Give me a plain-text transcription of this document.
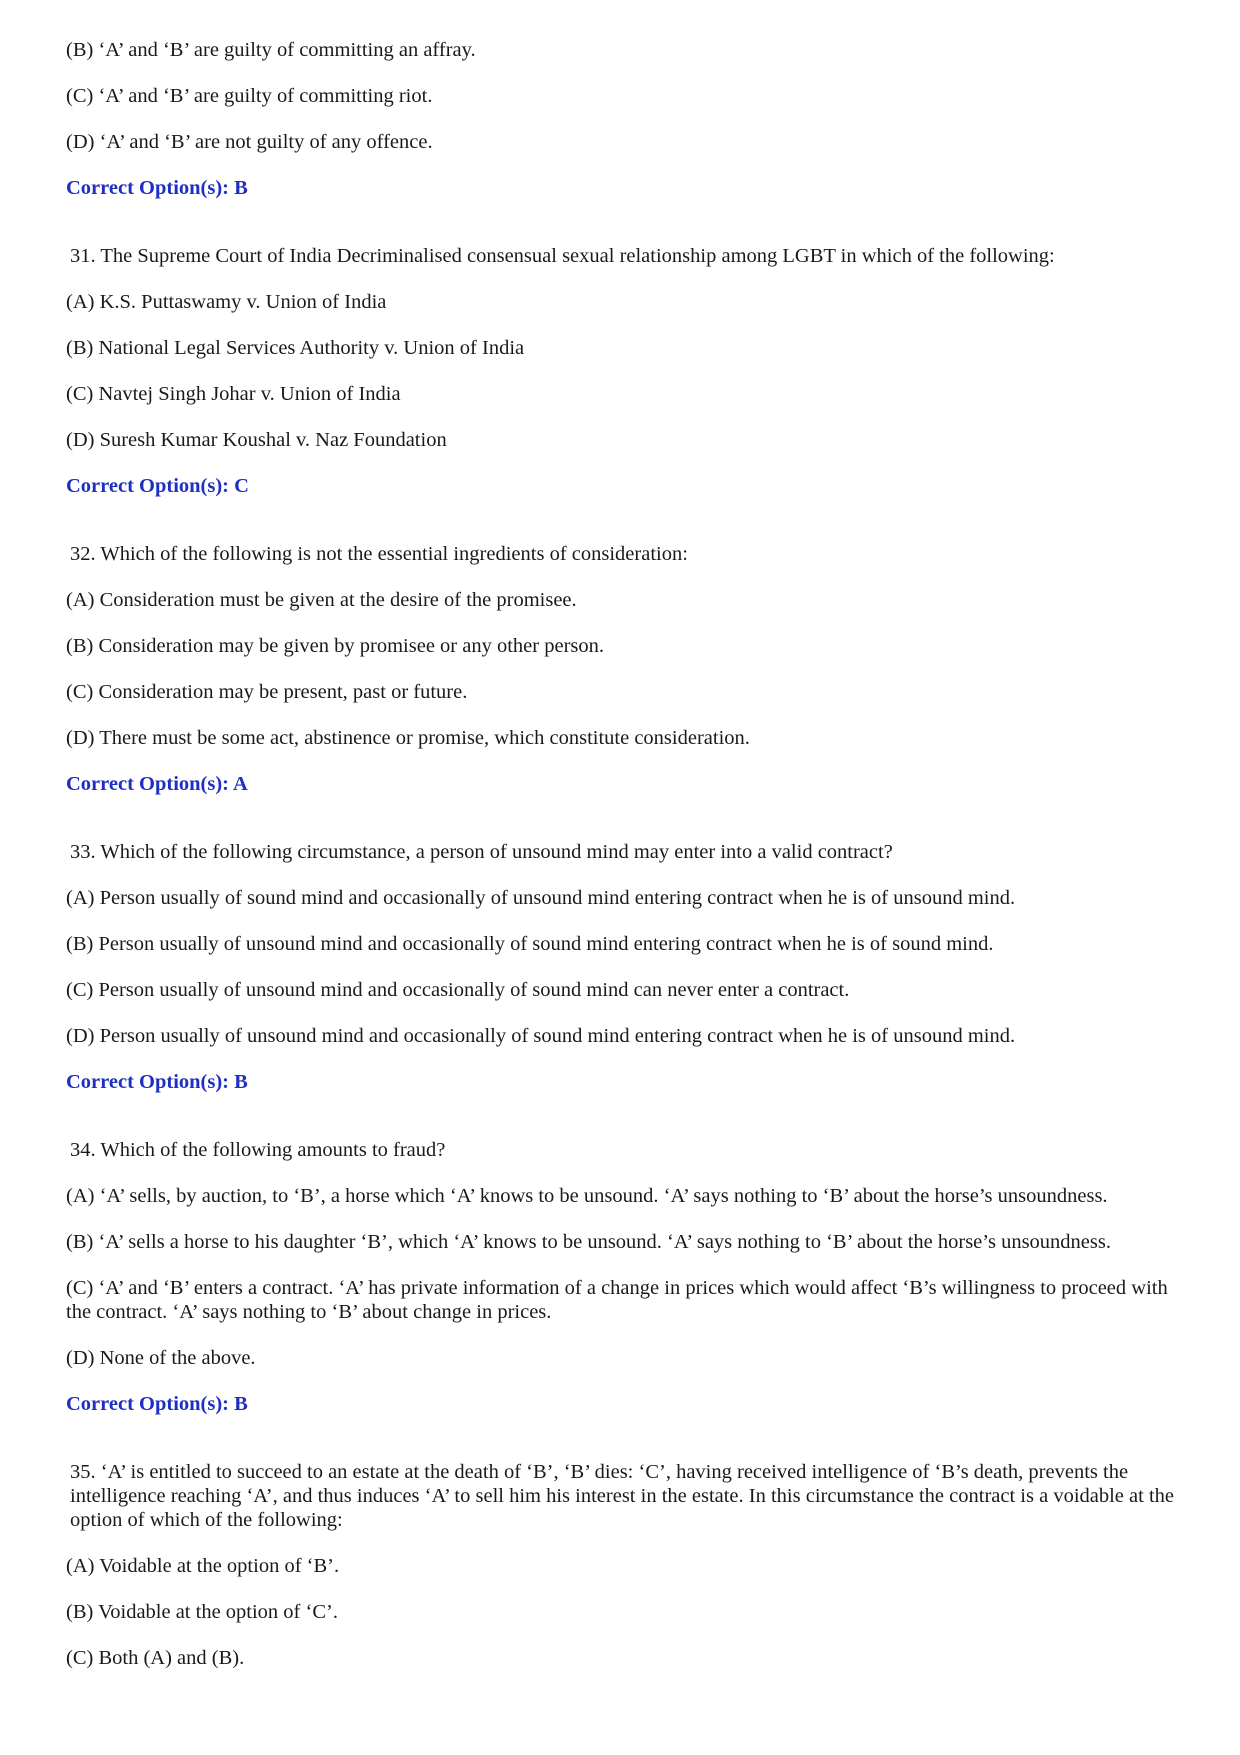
(B) ‘A’ and ‘B’ are guilty of committing an affray.

(C) ‘A’ and ‘B’ are guilty of committing riot.

(D) ‘A’ and ‘B’ are not guilty of any offence.

Correct Option(s): B

31. The Supreme Court of India Decriminalised consensual sexual relationship among LGBT in which of the following:

(A) K.S. Puttaswamy v. Union of India

(B) National Legal Services Authority v. Union of India

(C) Navtej Singh Johar v. Union of India

(D) Suresh Kumar Koushal v. Naz Foundation

Correct Option(s): C

32. Which of the following is not the essential ingredients of consideration:

(A) Consideration must be given at the desire of the promisee.

(B) Consideration may be given by promisee or any other person.

(C) Consideration may be present, past or future.

(D) There must be some act, abstinence or promise, which constitute consideration.

Correct Option(s): A

33. Which of the following circumstance, a person of unsound mind may enter into a valid contract?

(A) Person usually of sound mind and occasionally of unsound mind entering contract when he is of unsound mind.

(B) Person usually of unsound mind and occasionally of sound mind entering contract when he is of sound mind.

(C) Person usually of unsound mind and occasionally of sound mind can never enter a contract.

(D) Person usually of unsound mind and occasionally of sound mind entering contract when he is of unsound mind.

Correct Option(s): B

34. Which of the following amounts to fraud?

(A) ‘A’ sells, by auction, to ‘B’, a horse which ‘A’ knows to be unsound. ‘A’ says nothing to ‘B’ about the horse’s unsoundness.

(B) ‘A’ sells a horse to his daughter ‘B’, which ‘A’ knows to be unsound. ‘A’ says nothing to ‘B’ about the horse’s unsoundness.

(C) ‘A’ and ‘B’ enters a contract. ‘A’ has private information of a change in prices which would affect ‘B’s willingness to proceed with the contract. ‘A’ says nothing to ‘B’ about change in prices.

(D) None of the above.

Correct Option(s): B

35. ‘A’ is entitled to succeed to an estate at the death of ‘B’, ‘B’ dies: ‘C’, having received intelligence of ‘B’s death, prevents the intelligence reaching ‘A’, and thus induces ‘A’ to sell him his interest in the estate. In this circumstance the contract is a voidable at the option of which of the following:

(A) Voidable at the option of ‘B’.

(B) Voidable at the option of ‘C’.

(C) Both (A) and (B).
